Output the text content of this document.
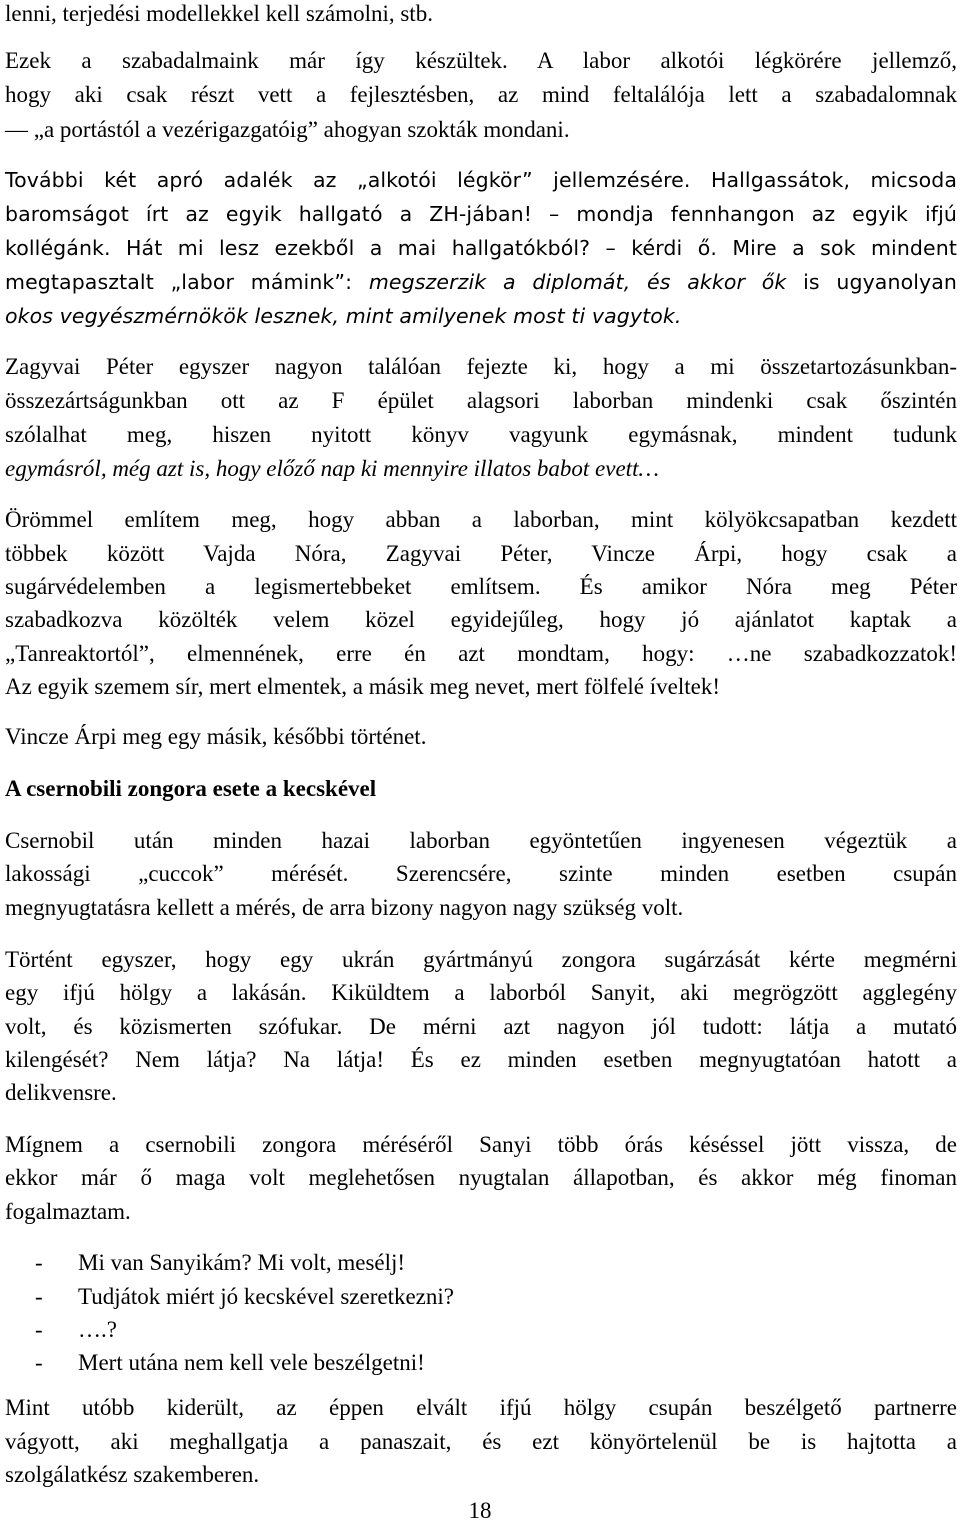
lenni, terjedési modellekkel kell számolni, stb.
Ezek a szabadalmaink már így készültek. A labor alkotói légkörére jellemző,
hogy aki csak részt vett a fejlesztésben, az mind feltalálója lett a szabadalomnak
— „a portástól a vezérigazgatóig” ahogyan szokták mondani.
További két apró adalék az „alkotói légkör” jellemzésére. Hallgassátok, micsoda
baromságot írt az egyik hallgató a ZH-jában! – mondja fennhangon az egyik ifjú
kollégánk. Hát mi lesz ezekből a mai hallgatókból? – kérdi ő. Mire a sok mindent
megtapasztalt „labor mámink”: megszerzik a diplomát, és akkor ők is ugyanolyan
okos vegyészmérnökök lesznek, mint amilyenek most ti vagytok.
Zagyvai Péter egyszer nagyon találóan fejezte ki, hogy a mi összetartozásunkban-
összezártságunkban ott az F épület alagsori laborban mindenki csak őszintén
szólalhat meg, hiszen nyitott könyv vagyunk egymásnak, mindent tudunk
egymásról, még azt is, hogy előző nap ki mennyire illatos babot evett…
Örömmel említem meg, hogy abban a laborban, mint kölyökcsapatban kezdett
többek között Vajda Nóra, Zagyvai Péter, Vincze Árpi, hogy csak a
sugárvédelemben a legismertebbeket említsem. És amikor Nóra meg Péter
szabadkozva közölték velem közel egyidejűleg, hogy jó ajánlatot kaptak a
„Tanreaktortól”, elmennének, erre én azt mondtam, hogy: …ne szabadkozzatok!
Az egyik szemem sír, mert elmentek, a másik meg nevet, mert fölfelé íveltek!
Vincze Árpi meg egy másik, későbbi történet.
A csernobili zongora esete a kecskével
Csernobil után minden hazai laborban egyöntetűen ingyenesen végeztük a
lakossági „cuccok” mérését. Szerencsére, szinte minden esetben csupán
megnyugtatásra kellett a mérés, de arra bizony nagyon nagy szükség volt.
Történt egyszer, hogy egy ukrán gyártmányú zongora sugárzását kérte megmérni
egy ifjú hölgy a lakásán. Kiküldtem a laborból Sanyit, aki megrögzött agglegény
volt, és közismerten szófukar. De mérni azt nagyon jól tudott: látja a mutató
kilengését? Nem látja? Na látja! És ez minden esetben megnyugtatóan hatott a
delikvensre.
Mígnem a csernobili zongora méréséről Sanyi több órás késéssel jött vissza, de
ekkor már ő maga volt meglehetősen nyugtalan állapotban, és akkor még finoman
fogalmaztam.
- Mi van Sanyikám? Mi volt, mesélj!
- Tudjátok miért jó kecskével szeretkezni?
- ….?
- Mert utána nem kell vele beszélgetni!
Mint utóbb kiderült, az éppen elvált ifjú hölgy csupán beszélgető partnerre
vágyott, aki meghallgatja a panaszait, és ezt könyörtelenül be is hajtotta a
szolgálatkész szakemberen.
18
